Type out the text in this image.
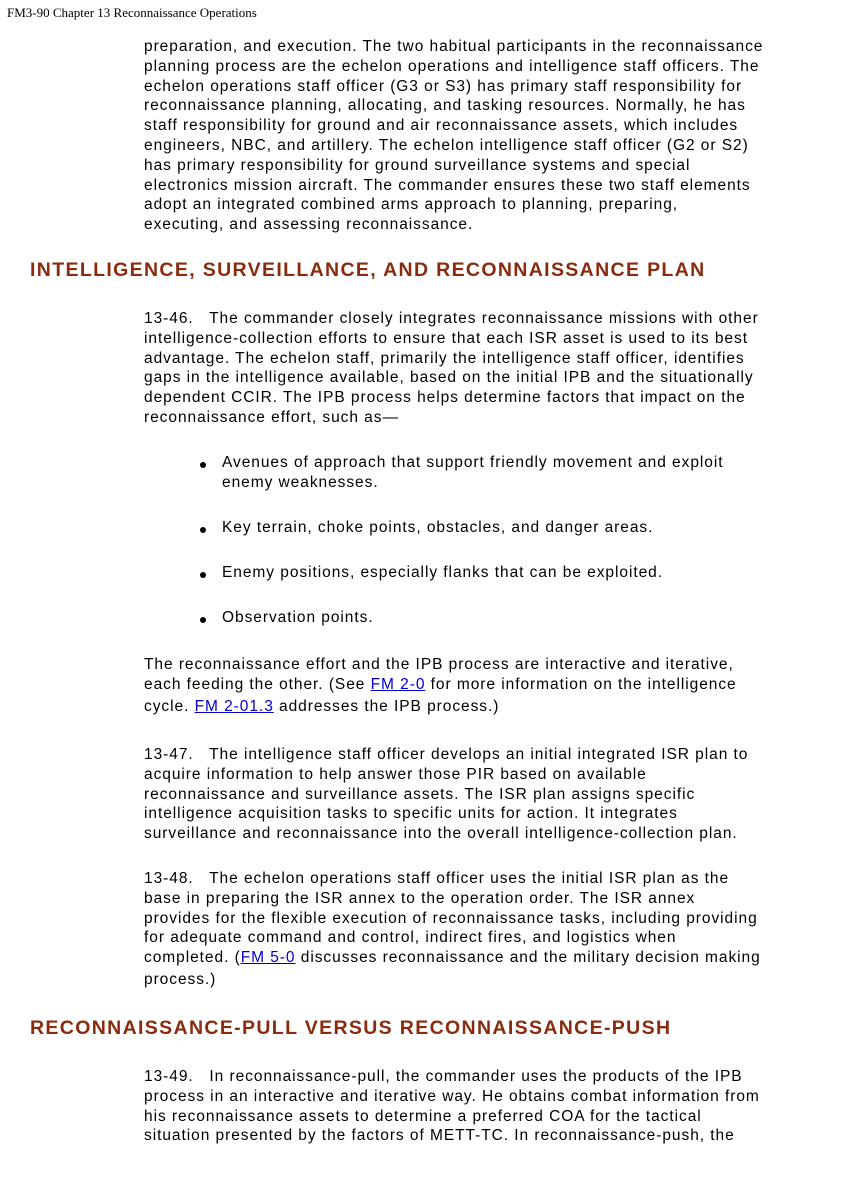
FM3-90 Chapter 13 Reconnaissance Operations
preparation, and execution. The two habitual participants in the reconnaissance
planning process are the echelon operations and intelligence staff officers. The
echelon operations staff officer (G3 or S3) has primary staff responsibility for
reconnaissance planning, allocating, and tasking resources. Normally, he has
staff responsibility for ground and air reconnaissance assets, which includes
engineers, NBC, and artillery. The echelon intelligence staff officer (G2 or S2)
has primary responsibility for ground surveillance systems and special
electronics mission aircraft. The commander ensures these two staff elements
adopt an integrated combined arms approach to planning, preparing,
executing, and assessing reconnaissance.
INTELLIGENCE, SURVEILLANCE, AND RECONNAISSANCE PLAN
13-46.   The commander closely integrates reconnaissance missions with other
intelligence-collection efforts to ensure that each ISR asset is used to its best
advantage. The echelon staff, primarily the intelligence staff officer, identifies
gaps in the intelligence available, based on the initial IPB and the situationally
dependent CCIR. The IPB process helps determine factors that impact on the
reconnaissance effort, such as—
Avenues of approach that support friendly movement and exploit
enemy weaknesses.
Key terrain, choke points, obstacles, and danger areas.
Enemy positions, especially flanks that can be exploited.
Observation points.
The reconnaissance effort and the IPB process are interactive and iterative,
each feeding the other. (See FM 2-0 for more information on the intelligence
cycle. FM 2-01.3 addresses the IPB process.)
13-47.   The intelligence staff officer develops an initial integrated ISR plan to
acquire information to help answer those PIR based on available
reconnaissance and surveillance assets. The ISR plan assigns specific
intelligence acquisition tasks to specific units for action. It integrates
surveillance and reconnaissance into the overall intelligence-collection plan.
13-48.   The echelon operations staff officer uses the initial ISR plan as the
base in preparing the ISR annex to the operation order. The ISR annex
provides for the flexible execution of reconnaissance tasks, including providing
for adequate command and control, indirect fires, and logistics when
completed. (FM 5-0 discusses reconnaissance and the military decision making
process.)
RECONNAISSANCE-PULL VERSUS RECONNAISSANCE-PUSH
13-49.   In reconnaissance-pull, the commander uses the products of the IPB
process in an interactive and iterative way. He obtains combat information from
his reconnaissance assets to determine a preferred COA for the tactical
situation presented by the factors of METT-TC. In reconnaissance-push, the
